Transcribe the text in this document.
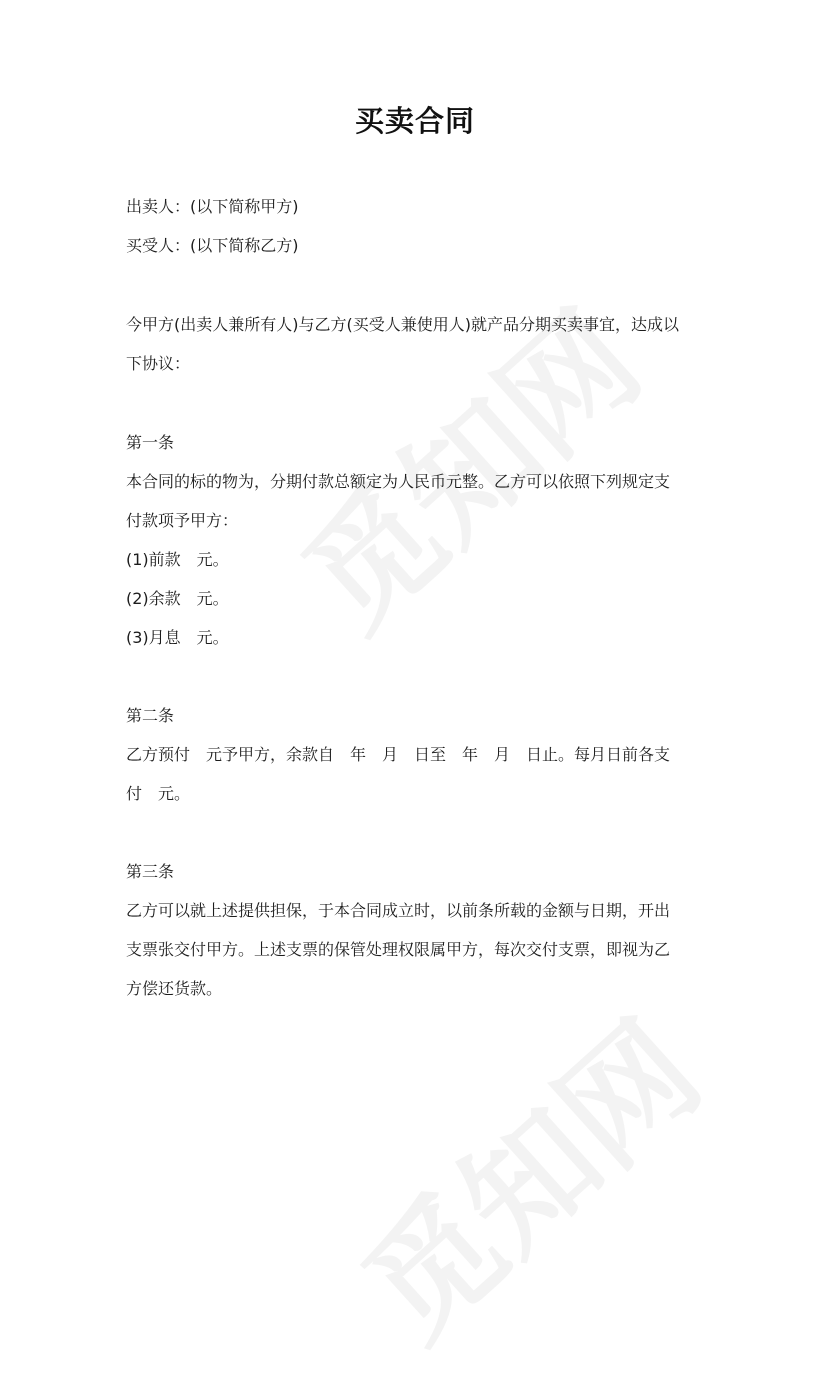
买卖合同
出卖人：(以下简称甲方)
买受人：(以下简称乙方)
今甲方(出卖人兼所有人)与乙方(买受人兼使用人)就产品分期买卖事宜，达成以
下协议：
第一条
本合同的标的物为，分期付款总额定为人民币元整。乙方可以依照下列规定支
付款项予甲方：
(1)前款　元。
(2)余款　元。
(3)月息　元。
第二条
乙方预付　元予甲方，余款自　年　月　日至　年　月　日止。每月日前各支
付　元。
第三条
乙方可以就上述提供担保，于本合同成立时，以前条所载的金额与日期，开出
支票张交付甲方。上述支票的保管处理权限属甲方，每次交付支票，即视为乙
方偿还货款。
